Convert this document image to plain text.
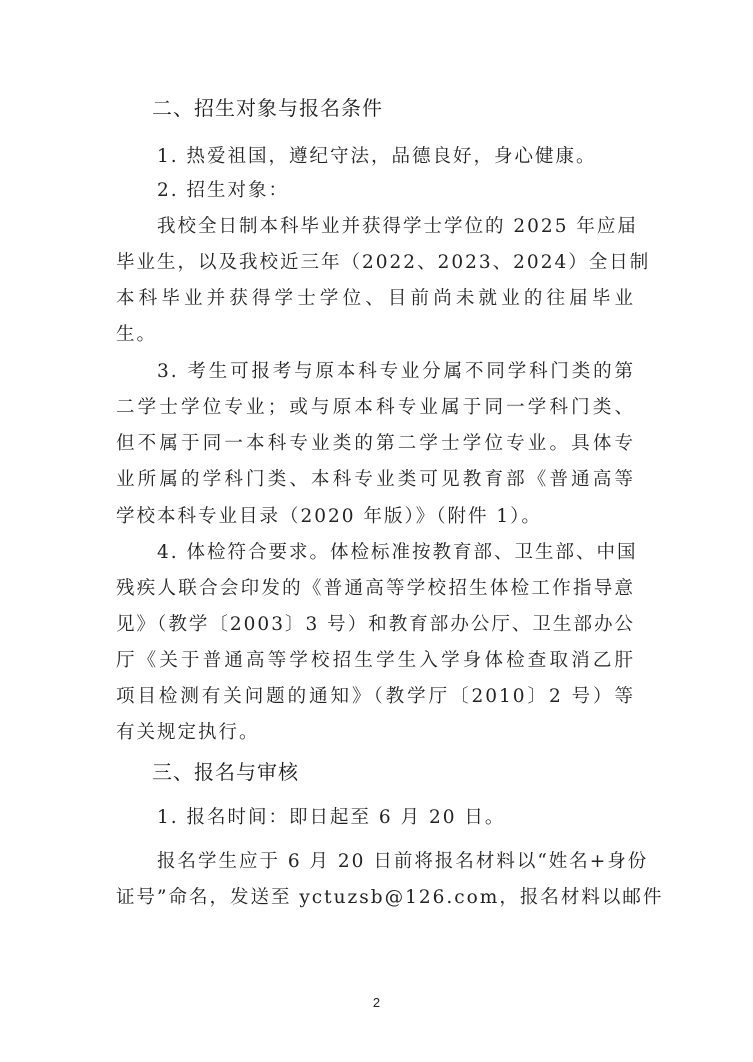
二、招生对象与报名条件
1. 热爱祖国，遵纪守法，品德良好，身心健康。
2. 招生对象：
我校全日制本科毕业并获得学士学位的 2025 年应届
毕业生，以及我校近三年（2022、2023、2024）全日制
本科毕业并获得学士学位、目前尚未就业的往届毕业
生。
3. 考生可报考与原本科专业分属不同学科门类的第
二学士学位专业；或与原本科专业属于同一学科门类、
但不属于同一本科专业类的第二学士学位专业。具体专
业所属的学科门类、本科专业类可见教育部《普通高等
学校本科专业目录（2020 年版）》（附件 1）。
4. 体检符合要求。体检标准按教育部、卫生部、中国
残疾人联合会印发的《普通高等学校招生体检工作指导意
见》（教学〔2003〕3 号）和教育部办公厅、卫生部办公
厅《关于普通高等学校招生学生入学身体检查取消乙肝
项目检测有关问题的通知》（教学厅〔2010〕2 号）等
有关规定执行。
三、报名与审核
1. 报名时间：即日起至 6 月 20 日。
报名学生应于 6 月 20 日前将报名材料以“姓名+身份
证号”命名，发送至 yctuzsb@126.com，报名材料以邮件
2
